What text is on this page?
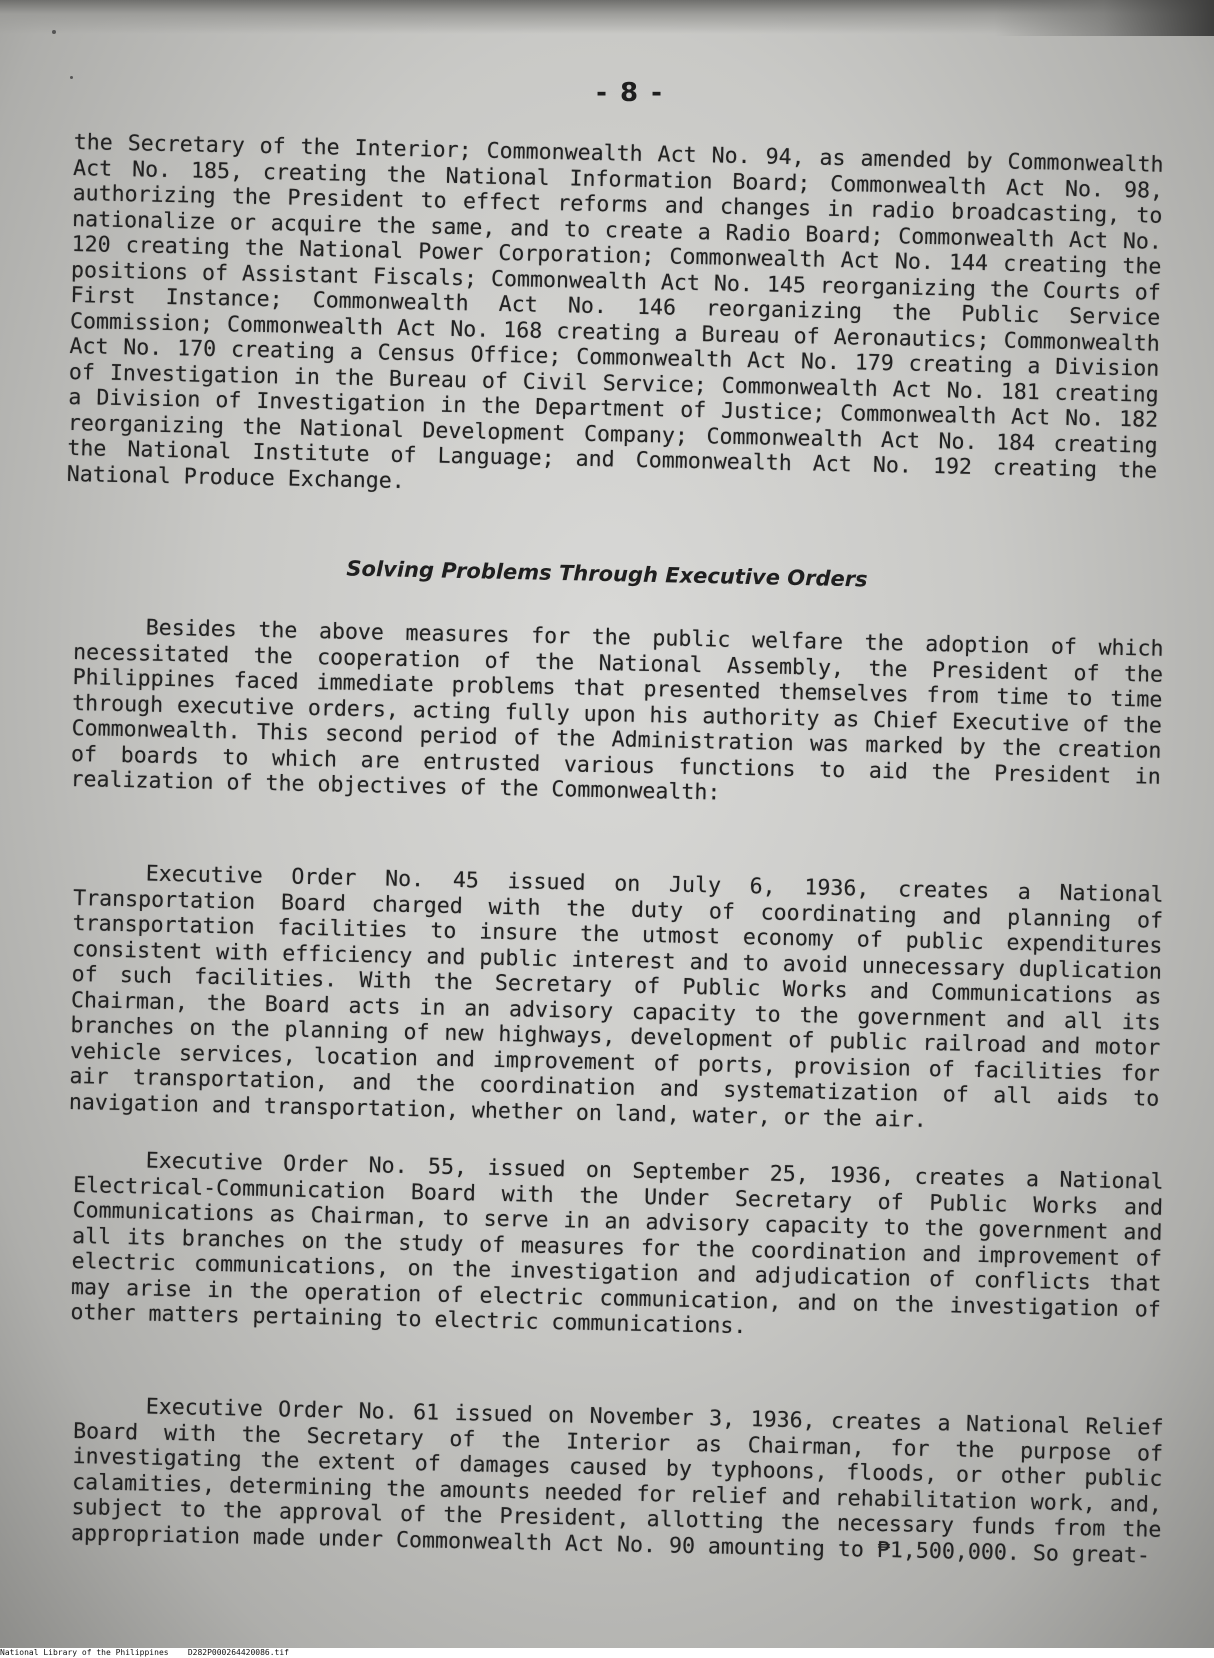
- 8 -
the Secretary of the Interior; Commonwealth Act No. 94, as amended by Commonwealth Act No. 185, creating the National Information Board; Commonwealth Act No. 98, authorizing the President to effect reforms and changes in radio broadcasting, to nationalize or acquire the same, and to create a Radio Board; Commonwealth Act No. 120 creating the National Power Corporation; Commonwealth Act No. 144 creating the positions of Assistant Fiscals; Commonwealth Act No. 145 reorganizing the Courts of First Instance; Commonwealth Act No. 146 reorganizing the Public Service Commission; Commonwealth Act No. 168 creating a Bureau of Aeronautics; Commonwealth Act No. 170 creating a Census Office; Commonwealth Act No. 179 creating a Division of Investigation in the Bureau of Civil Service; Commonwealth Act No. 181 creating a Division of Investigation in the Department of Justice; Commonwealth Act No. 182 reorganizing the National Development Company; Commonwealth Act No. 184 creating the National Institute of Language; and Commonwealth Act No. 192 creating the National Produce Exchange.
Solving Problems Through Executive Orders
Besides the above measures for the public welfare the adoption of which necessitated the cooperation of the National Assembly, the President of the Philippines faced immediate problems that presented themselves from time to time through executive orders, acting fully upon his authority as Chief Executive of the Commonwealth. This second period of the Administration was marked by the creation of boards to which are entrusted various functions to aid the President in realization of the objectives of the Commonwealth:
Executive Order No. 45 issued on July 6, 1936, creates a National Transportation Board charged with the duty of coordinating and planning of transportation facilities to insure the utmost economy of public expenditures consistent with efficiency and public interest and to avoid unnecessary duplication of such facilities. With the Secretary of Public Works and Communications as Chairman, the Board acts in an advisory capacity to the government and all its branches on the planning of new highways, development of public railroad and motor vehicle services, location and improvement of ports, provision of facilities for air transportation, and the coordination and systematization of all aids to navigation and transportation, whether on land, water, or the air.
Executive Order No. 55, issued on September 25, 1936, creates a National Electrical-Communication Board with the Under Secretary of Public Works and Communications as Chairman, to serve in an advisory capacity to the government and all its branches on the study of measures for the coordination and improvement of electric communications, on the investigation and adjudication of conflicts that may arise in the operation of electric communication, and on the investigation of other matters pertaining to electric communications.
Executive Order No. 61 issued on November 3, 1936, creates a National Relief Board with the Secretary of the Interior as Chairman, for the purpose of investigating the extent of damages caused by typhoons, floods, or other public calamities, determining the amounts needed for relief and rehabilitation work, and, subject to the approval of the President, allotting the necessary funds from the appropriation made under Commonwealth Act No. 90 amounting to ₱1,500,000. So great-
National Library of the Philippines D282P000264420086.tif
